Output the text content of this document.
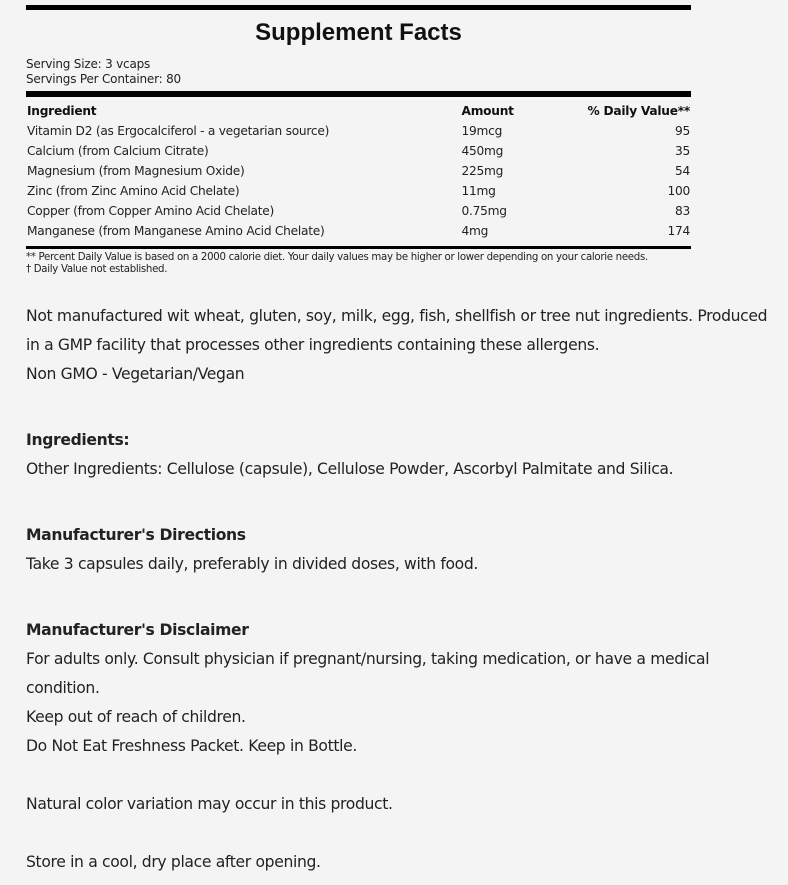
Supplement Facts
Serving Size: 3 vcaps
Servings Per Container: 80
Ingredient	Amount	% Daily Value**
Vitamin D2 (as Ergocalciferol - a vegetarian source)	19mcg	95
Calcium (from Calcium Citrate)	450mg	35
Magnesium (from Magnesium Oxide)	225mg	54
Zinc (from Zinc Amino Acid Chelate)	11mg	100
Copper (from Copper Amino Acid Chelate)	0.75mg	83
Manganese (from Manganese Amino Acid Chelate)	4mg	174
** Percent Daily Value is based on a 2000 calorie diet. Your daily values may be higher or lower depending on your calorie needs.
† Daily Value not established.

Not manufactured wit wheat, gluten, soy, milk, egg, fish, shellfish or tree nut ingredients. Produced in a GMP facility that processes other ingredients containing these allergens.

Non GMO - Vegetarian/Vegan

Ingredients:

Other Ingredients: Cellulose (capsule), Cellulose Powder, Ascorbyl Palmitate and Silica.

Manufacturer's Directions

Take 3 capsules daily, preferably in divided doses, with food.

Manufacturer's Disclaimer

For adults only. Consult physician if pregnant/nursing, taking medication, or have a medical condition.

Keep out of reach of children.

Do Not Eat Freshness Packet. Keep in Bottle.

Natural color variation may occur in this product.

Store in a cool, dry place after opening.
